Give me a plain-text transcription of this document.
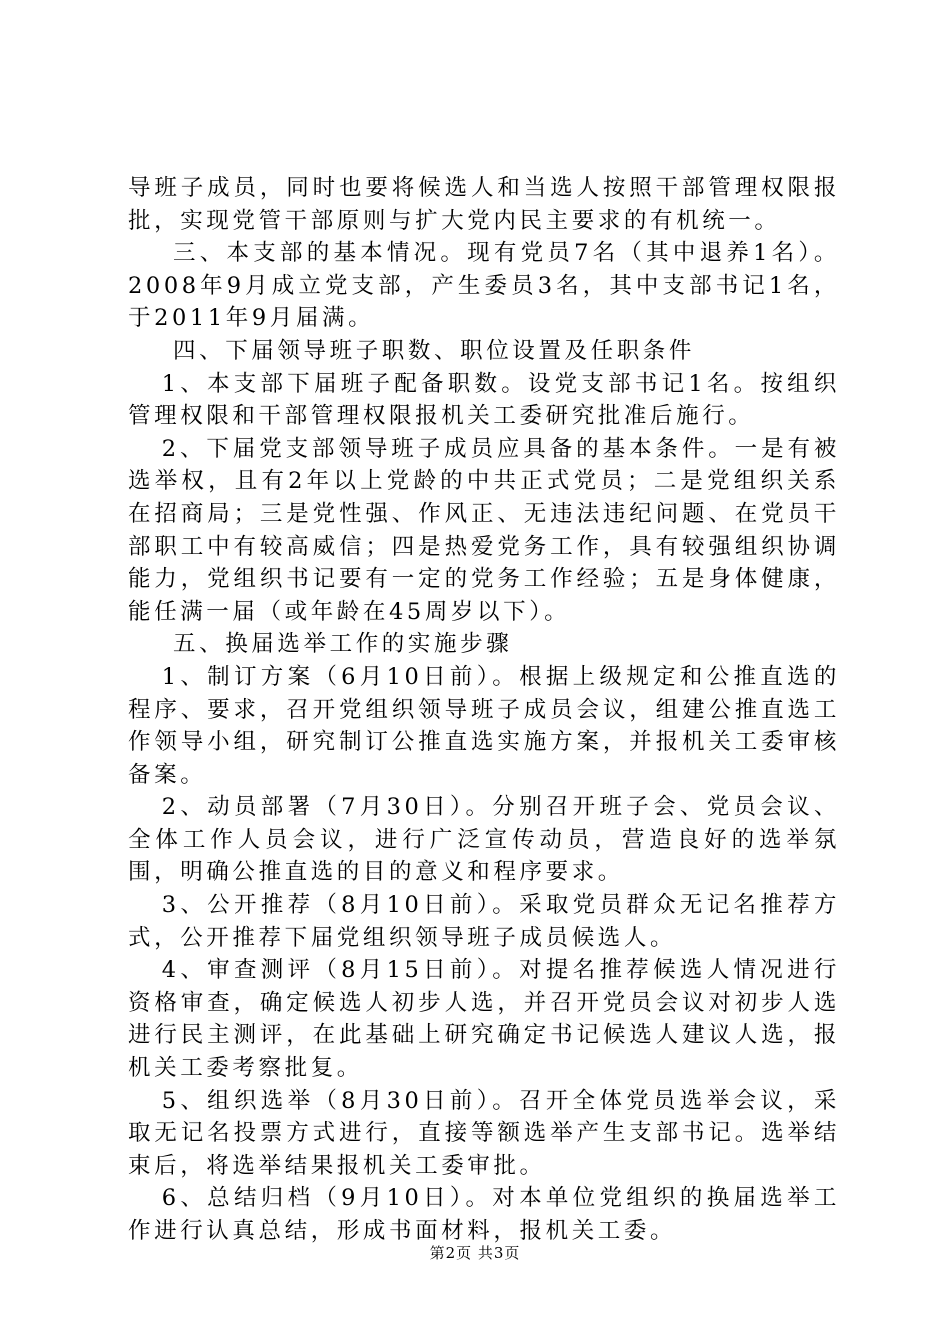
导班子成员，同时也要将候选人和当选人按照干部管理权限报批，实现党管干部原则与扩大党内民主要求的有机统一。

三、本支部的基本情况。现有党员7名（其中退养1名）。2008年9月成立党支部，产生委员3名，其中支部书记1名，于2011年9月届满。

四、下届领导班子职数、职位设置及任职条件

1、本支部下届班子配备职数。设党支部书记1名。按组织管理权限和干部管理权限报机关工委研究批准后施行。

2、下届党支部领导班子成员应具备的基本条件。一是有被选举权，且有2年以上党龄的中共正式党员；二是党组织关系在招商局；三是党性强、作风正、无违法违纪问题、在党员干部职工中有较高威信；四是热爱党务工作，具有较强组织协调能力，党组织书记要有一定的党务工作经验；五是身体健康，能任满一届（或年龄在45周岁以下）。

五、换届选举工作的实施步骤

1、制订方案（6月10日前）。根据上级规定和公推直选的程序、要求，召开党组织领导班子成员会议，组建公推直选工作领导小组，研究制订公推直选实施方案，并报机关工委审核备案。

2、动员部署（7月30日）。分别召开班子会、党员会议、全体工作人员会议，进行广泛宣传动员，营造良好的选举氛围，明确公推直选的目的意义和程序要求。

3、公开推荐（8月10日前）。采取党员群众无记名推荐方式，公开推荐下届党组织领导班子成员候选人。

4、审查测评（8月15日前）。对提名推荐候选人情况进行资格审查，确定候选人初步人选，并召开党员会议对初步人选进行民主测评，在此基础上研究确定书记候选人建议人选，报机关工委考察批复。

5、组织选举（8月30日前）。召开全体党员选举会议，采取无记名投票方式进行，直接等额选举产生支部书记。选举结束后，将选举结果报机关工委审批。

6、总结归档（9月10日）。对本单位党组织的换届选举工作进行认真总结，形成书面材料，报机关工委。

第2页 共3页
